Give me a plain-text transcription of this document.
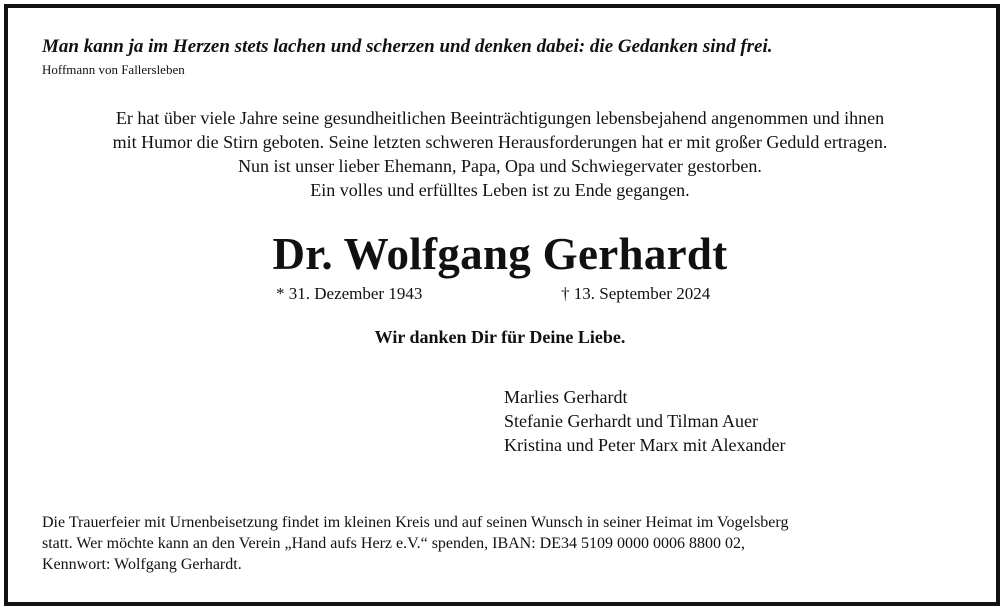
Man kann ja im Herzen stets lachen und scherzen und denken dabei: die Gedanken sind frei.
Hoffmann von Fallersleben
Er hat über viele Jahre seine gesundheitlichen Beeinträchtigungen lebensbejahend angenommen und ihnen
mit Humor die Stirn geboten. Seine letzten schweren Herausforderungen hat er mit großer Geduld ertragen.
Nun ist unser lieber Ehemann, Papa, Opa und Schwiegervater gestorben.
Ein volles und erfülltes Leben ist zu Ende gegangen.
Dr. Wolfgang Gerhardt
* 31. Dezember 1943	† 13. September 2024
Wir danken Dir für Deine Liebe.
Marlies Gerhardt
Stefanie Gerhardt und Tilman Auer
Kristina und Peter Marx mit Alexander
Die Trauerfeier mit Urnenbeisetzung findet im kleinen Kreis und auf seinen Wunsch in seiner Heimat im Vogelsberg
statt. Wer möchte kann an den Verein „Hand aufs Herz e.V.“ spenden, IBAN: DE34 5109 0000 0006 8800 02,
Kennwort: Wolfgang Gerhardt.
